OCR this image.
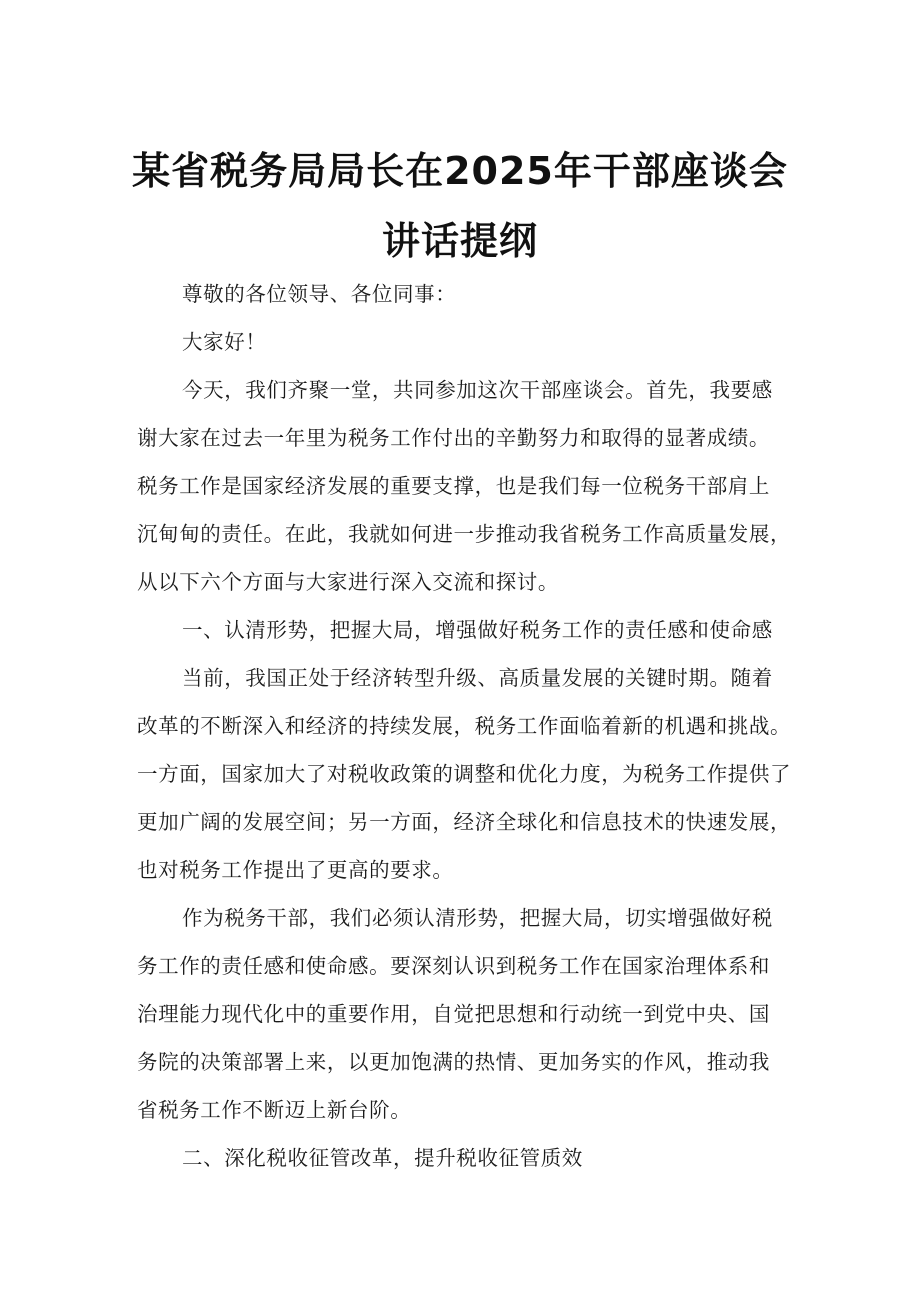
某省税务局局长在2025年干部座谈会
讲话提纲
尊敬的各位领导、各位同事：
大家好！
今天，我们齐聚一堂，共同参加这次干部座谈会。首先，我要感
谢大家在过去一年里为税务工作付出的辛勤努力和取得的显著成绩。
税务工作是国家经济发展的重要支撑，也是我们每一位税务干部肩上
沉甸甸的责任。在此，我就如何进一步推动我省税务工作高质量发展，
从以下六个方面与大家进行深入交流和探讨。
一、认清形势，把握大局，增强做好税务工作的责任感和使命感
当前，我国正处于经济转型升级、高质量发展的关键时期。随着
改革的不断深入和经济的持续发展，税务工作面临着新的机遇和挑战。
一方面，国家加大了对税收政策的调整和优化力度，为税务工作提供了
更加广阔的发展空间；另一方面，经济全球化和信息技术的快速发展，
也对税务工作提出了更高的要求。
作为税务干部，我们必须认清形势，把握大局，切实增强做好税
务工作的责任感和使命感。要深刻认识到税务工作在国家治理体系和
治理能力现代化中的重要作用，自觉把思想和行动统一到党中央、国
务院的决策部署上来，以更加饱满的热情、更加务实的作风，推动我
省税务工作不断迈上新台阶。
二、深化税收征管改革，提升税收征管质效
